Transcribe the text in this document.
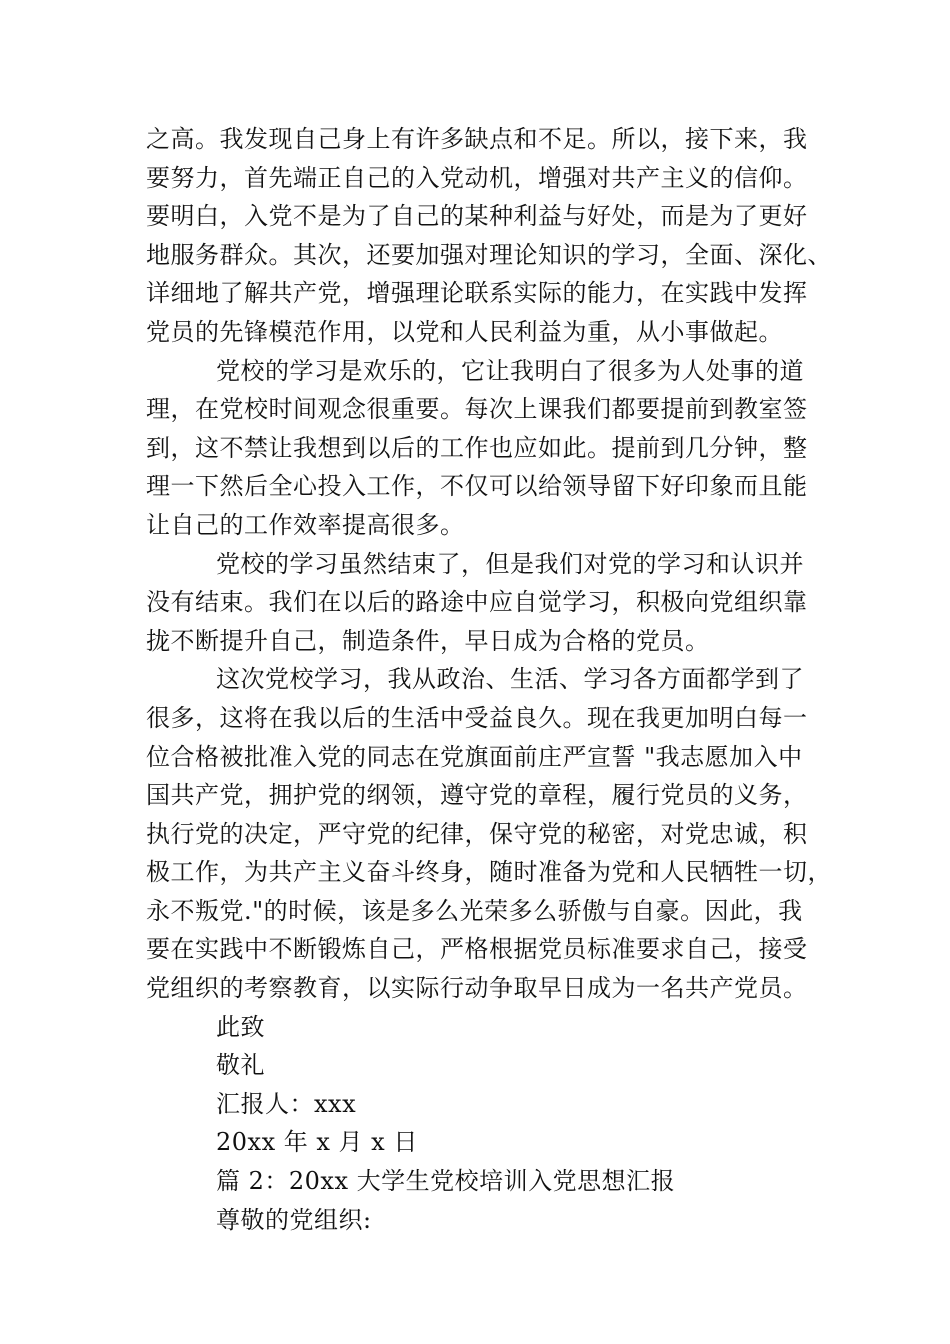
之高。我发现自己身上有许多缺点和不足。所以，接下来，我
要努力，首先端正自己的入党动机，增强对共产主义的信仰。
要明白，入党不是为了自己的某种利益与好处，而是为了更好
地服务群众。其次，还要加强对理论知识的学习，全面、深化、
详细地了解共产党，增强理论联系实际的能力，在实践中发挥
党员的先锋模范作用，以党和人民利益为重，从小事做起。
党校的学习是欢乐的，它让我明白了很多为人处事的道
理，在党校时间观念很重要。每次上课我们都要提前到教室签
到，这不禁让我想到以后的工作也应如此。提前到几分钟，整
理一下然后全心投入工作，不仅可以给领导留下好印象而且能
让自己的工作效率提高很多。
党校的学习虽然结束了，但是我们对党的学习和认识并
没有结束。我们在以后的路途中应自觉学习，积极向党组织靠
拢不断提升自己，制造条件，早日成为合格的党员。
这次党校学习，我从政治、生活、学习各方面都学到了
很多，这将在我以后的生活中受益良久。现在我更加明白每一
位合格被批准入党的同志在党旗面前庄严宣誓 "我志愿加入中
国共产党，拥护党的纲领，遵守党的章程，履行党员的义务，
执行党的决定，严守党的纪律，保守党的秘密，对党忠诚，积
极工作，为共产主义奋斗终身，随时准备为党和人民牺牲一切，
永不叛党."的时候，该是多么光荣多么骄傲与自豪。因此，我
要在实践中不断锻炼自己，严格根据党员标准要求自己，接受
党组织的考察教育，以实际行动争取早日成为一名共产党员。
此致
敬礼
汇报人：xxx
20xx 年 x 月 x 日
篇 2：20xx 大学生党校培训入党思想汇报
尊敬的党组织:
